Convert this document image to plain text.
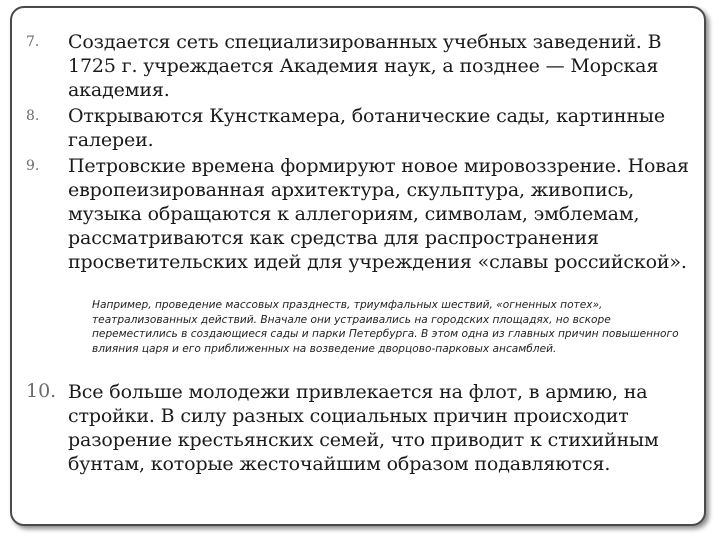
7. Создается сеть специализированных учебных заведений. В 1725 г. учреждается Академия наук, а позднее — Морская академия.
8. Открываются Кунсткамера, ботанические сады, картинные галереи.
9. Петровские времена формируют новое мировоззрение. Новая европеизированная архитектура, скульптура, живопись, музыка обращаются к аллегориям, символам, эмблемам, рассматриваются как средства для распространения просветительских идей для учреждения «славы российской».
Например, проведение массовых празднеств, триумфальных шествий, «огненных потех», театрализованных действий. Вначале они устраивались на городских площадях, но вскоре переместились в создающиеся сады и парки Петербурга. В этом одна из главных причин повышенного влияния царя и его приближенных на возведение дворцово-парковых ансамблей.
10. Все больше молодежи привлекается на флот, в армию, на стройки. В силу разных социальных причин происходит разорение крестьянских семей, что приводит к стихийным бунтам, которые жесточайшим образом подавляются.
